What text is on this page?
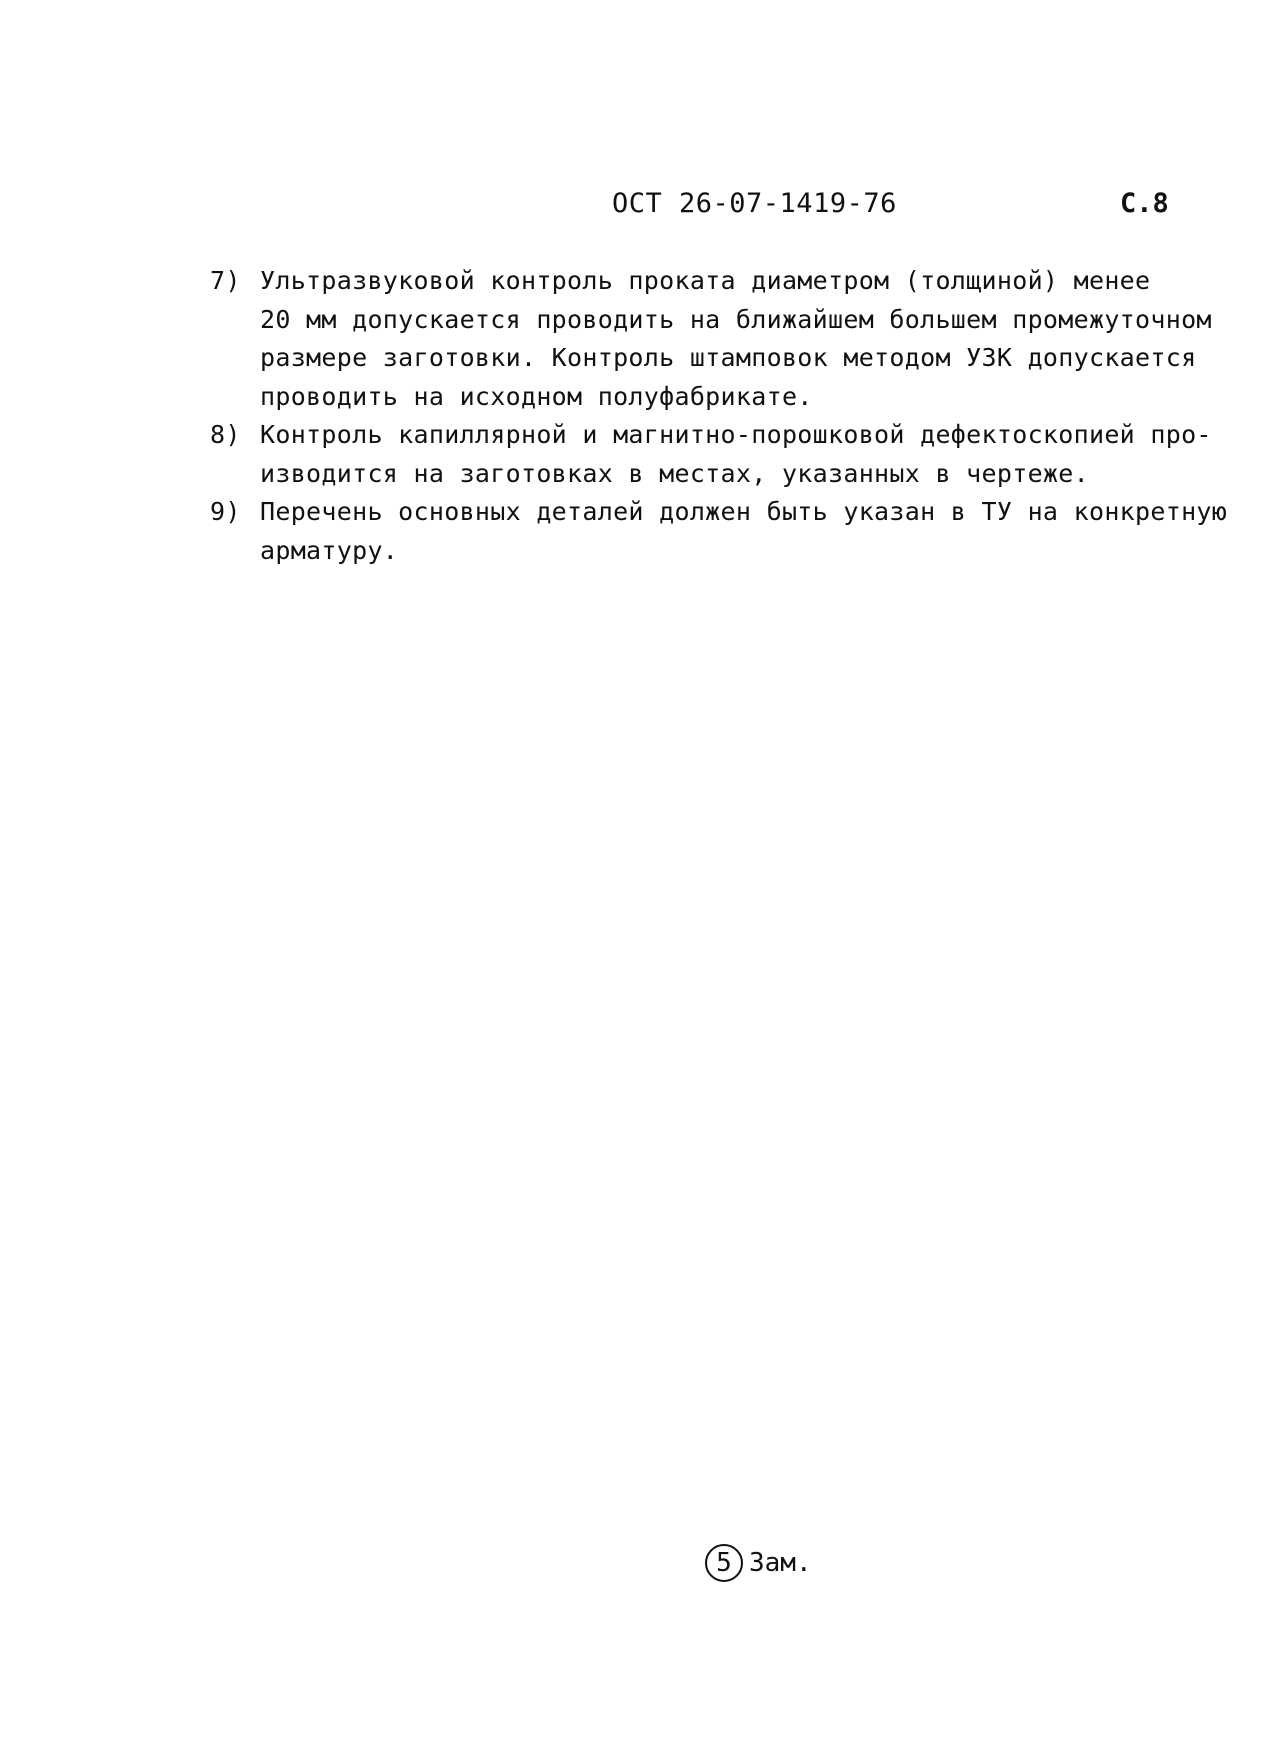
ОСТ 26-07-1419-76	С.8
7) Ультразвуковой контроль проката диаметром (толщиной) менее
20 мм допускается проводить на ближайшем большем промежуточном
размере заготовки. Контроль штамповок методом УЗК допускается
проводить на исходном полуфабрикате.
8) Контроль капиллярной и магнитно-порошковой дефектоскопией про-
изводится на заготовках в местах, указанных в чертеже.
9) Перечень основных деталей должен быть указан в ТУ на конкретную
арматуру.
5 Зам.
